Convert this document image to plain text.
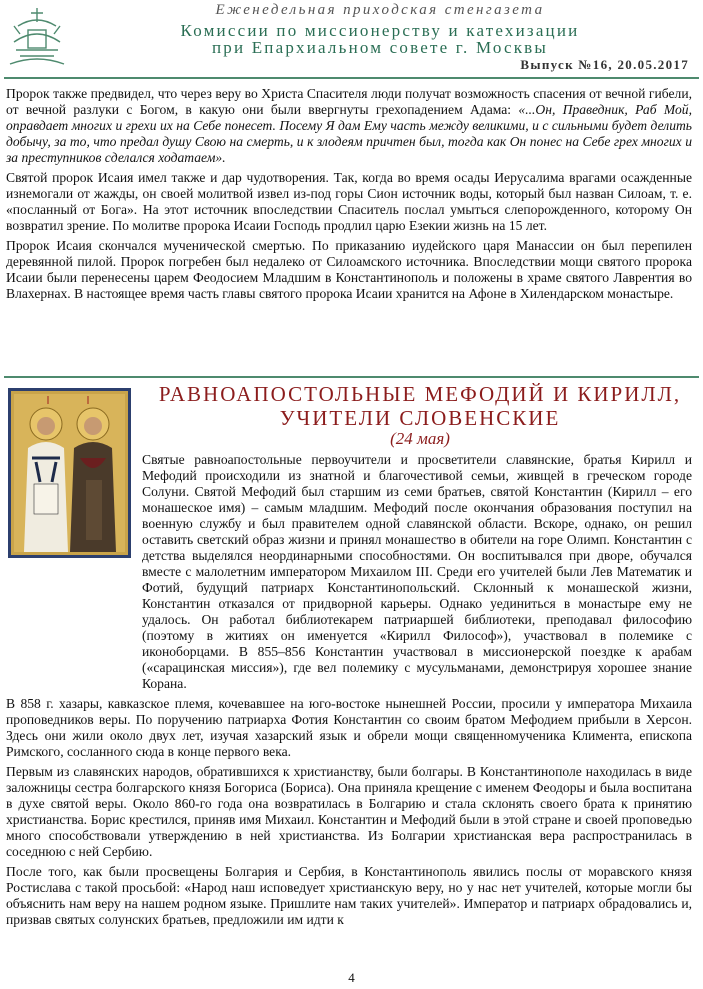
Еженедельная приходская стенгазета
Комиссии по миссионерству и катехизации
при Епархиальном совете г. Москвы
Выпуск №16, 20.05.2017

Пророк также предвидел, что через веру во Христа Спасителя люди получат возможность спасения от вечной гибели, от вечной разлуки с Богом, в какую они были ввергнуты грехопадением Адама: «...Он, Праведник, Раб Мой, оправдает многих и грехи их на Себе понесет. Посему Я дам Ему часть между великими, и с сильными будет делить добычу, за то, что предал душу Свою на смерть, и к злодеям причтен был, тогда как Он понес на Себе грех многих и за преступников сделался ходатаем».

Святой пророк Исаия имел также и дар чудотворения. Так, когда во время осады Иерусалима врагами осажденные изнемогали от жажды, он своей молитвой извел из-под горы Сион источник воды, который был назван Силоам, т. е. «посланный от Бога». На этот источник впоследствии Спаситель послал умыться слепорожденного, которому Он возвратил зрение. По молитве пророка Исаии Господь продлил царю Езекии жизнь на 15 лет.

Пророк Исаия скончался мученической смертью. По приказанию иудейского царя Манассии он был перепилен деревянной пилой. Пророк погребен был недалеко от Силоамского источника. Впоследствии мощи святого пророка Исаии были перенесены царем Феодосием Младшим в Константинополь и положены в храме святого Лаврентия во Влахернах. В настоящее время часть главы святого пророка Исаии хранится на Афоне в Хилендарском монастыре.

РАВНОАПОСТОЛЬНЫЕ МЕФОДИЙ И КИРИЛЛ,
УЧИТЕЛИ СЛОВЕНСКИЕ
(24 мая)

Святые равноапостольные первоучители и просветители славянские, братья Кирилл и Мефодий происходили из знатной и благочестивой семьи, живщей в греческом городе Солуни. Святой Мефодий был старшим из семи братьев, святой Константин (Кирилл – его монашеское имя) – самым младшим. Мефодий после окончания образования поступил на военную службу и был правителем одной славянской области. Вскоре, однако, он решил оставить светский образ жизни и принял монашество в обители на горе Олимп. Константин с детства выделялся неординарными способностями. Он воспитывался при дворе, обучался вместе с малолетним императором Михаилом III. Среди его учителей были Лев Математик и Фотий, будущий патриарх Константинопольский. Склонный к монашеской жизни, Константин отказался от придворной карьеры. Однако уединиться в монастыре ему не удалось. Он работал библиотекарем патриаршей библиотеки, преподавал философию (поэтому в житиях он именуется «Кирилл Философ»), участвовал в полемике с иконоборцами. В 855–856 Константин участвовал в миссионерской поездке к арабам («сарацинская миссия»), где вел полемику с мусульманами, демонстрируя хорошее знание Корана.

В 858 г. хазары, кавказское племя, кочевавшее на юго-востоке нынешней России, просили у императора Михаила проповедников веры. По поручению патриарха Фотия Константин со своим братом Мефодием прибыли в Херсон. Здесь они жили около двух лет, изучая хазарский язык и обрели мощи священномученика Климента, епископа Римского, сосланного сюда в конце первого века.

Первым из славянских народов, обратившихся к христианству, были болгары. В Константинополе находилась в виде заложницы сестра болгарского князя Богориса (Бориса). Она приняла крещение с именем Феодоры и была воспитана в духе святой веры. Около 860-го года она возвратилась в Болгарию и стала склонять своего брата к принятию христианства. Борис крестился, приняв имя Михаил. Константин и Мефодий были в этой стране и своей проповедью много способствовали утверждению в ней христианства. Из Болгарии христианская вера распространилась в соседнюю с ней Сербию.

После того, как были просвещены Болгария и Сербия, в Константинополь явились послы от моравского князя Ростислава с такой просьбой: «Народ наш исповедует христианскую веру, но у нас нет учителей, которые могли бы объяснить нам веру на нашем родном языке. Пришлите нам таких учителей». Император и патриарх обрадовались и, призвав святых солунских братьев, предложили им идти к

4
